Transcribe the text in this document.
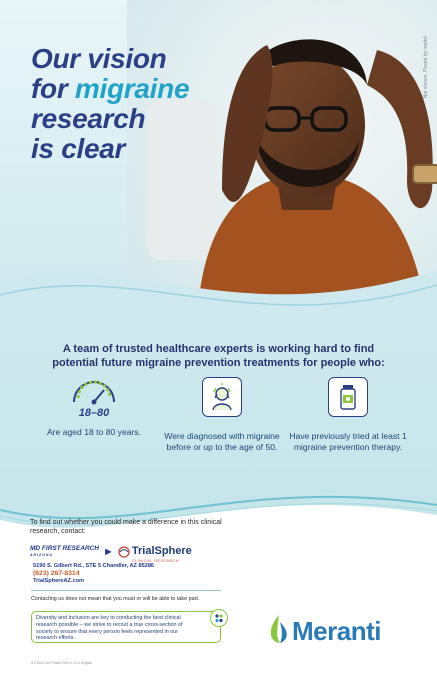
Our vision
for migraine
research
is clear
Not shown, Posed by model
A team of trusted healthcare experts is working hard to find potential future migraine prevention treatments for people who:
18–80
Are aged 18 to 80 years.	Were diagnosed with migraine before or up to the age of 50.
Have previously tried at least 1 migraine prevention therapy.
To find out whether you could make a difference in this clinical research, contact:
MD FIRST RESEARCH
ARIZONA	► TrialSphere
CLINICAL RESEARCH
5190 S. Gilbert Rd., STE 5 Chandler, AZ 85286
(623) 267-8314
TrialSphereAZ.com
Contacting us does not mean that you must or will be able to take part.
Diversity and inclusion are key to conducting the best clinical research possible – we strive to recruit a true cross-section of society to ensure that every person feels represented in our research efforts.	Meranti
ST-1024 Vol. Poster DOCX: 11.0 English
